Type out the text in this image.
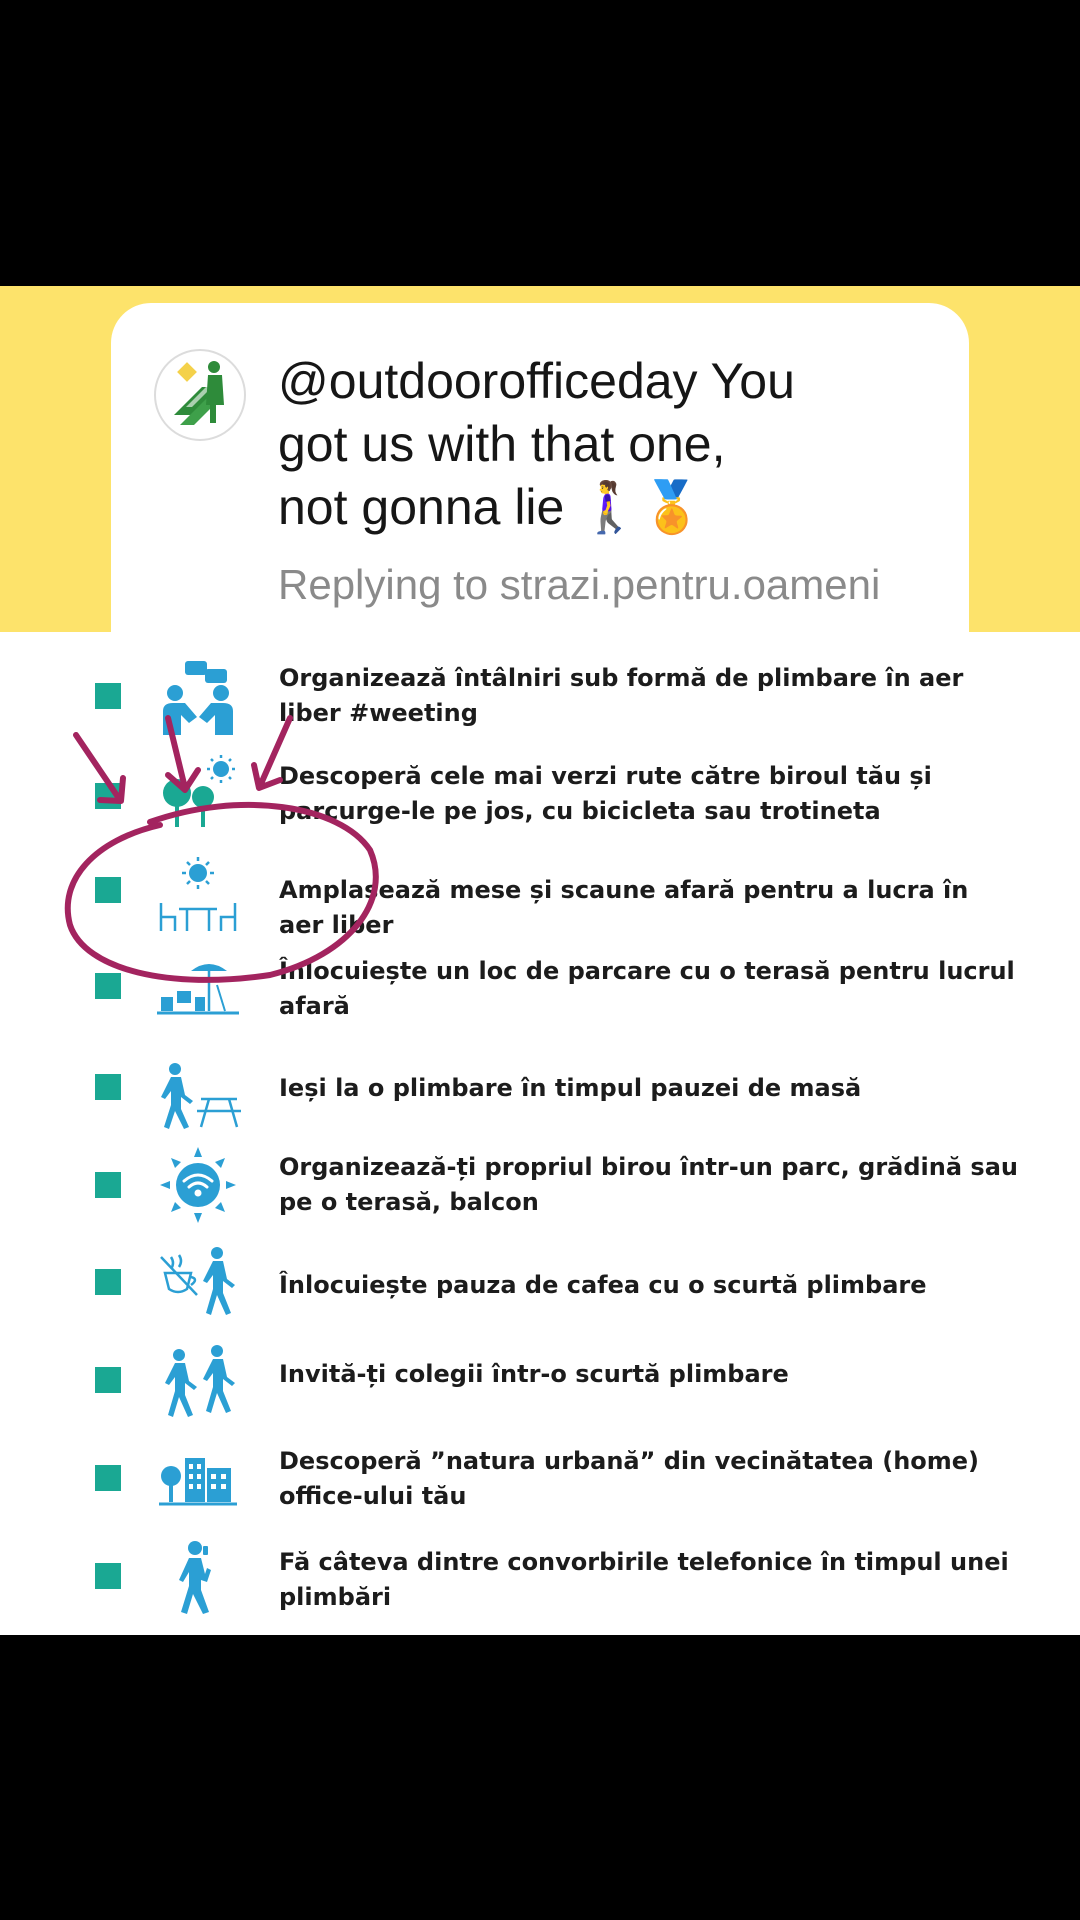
@outdoorofficeday You
got us with that one,
not gonna lie 🚶‍♀️🏅
Replying to strazi.pentru.oameni
Organizează întâlniri sub formă de plimbare în aer liber #weeting
Descoperă cele mai verzi rute către biroul tău și parcurge-le pe jos, cu bicicleta sau trotineta
Amplasează mese și scaune afară pentru a lucra în aer liber
Înlocuiește un loc de parcare cu o terasă pentru lucrul afară
Ieși la o plimbare în timpul pauzei de masă
Organizează-ți propriul birou într-un parc, grădină sau pe o terasă, balcon
Înlocuiește pauza de cafea cu o scurtă plimbare
Invită-ți colegii într-o scurtă plimbare
Descoperă ”natura urbană” din vecinătatea (home) office-ului tău
Fă câteva dintre convorbirile telefonice în timpul unei plimbări
